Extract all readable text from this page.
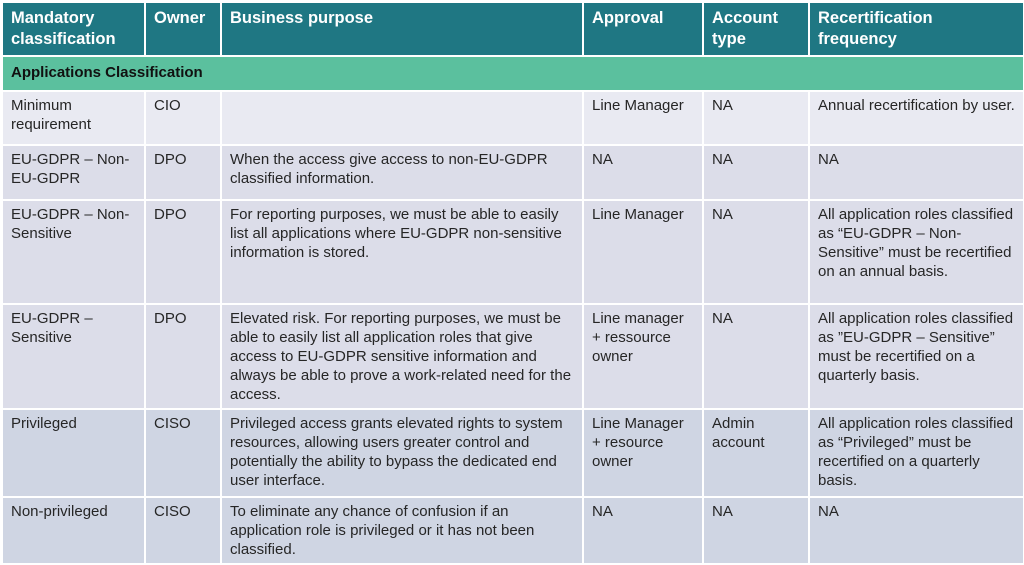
Mandatory classification	Owner	Business purpose	Approval	Account type	Recertification frequency
Applications Classification					
Minimum requirement	CIO		Line Manager	NA	Annual recertification by user.
EU-GDPR – Non-EU-GDPR	DPO	When the access give access to non-EU-GDPR classified information.	NA	NA	NA
EU-GDPR – Non-Sensitive	DPO	For reporting purposes, we must be able to easily list all applications where EU-GDPR non-sensitive information is stored.	Line Manager	NA	All application roles classified as “EU-GDPR – Non-Sensitive” must be recertified on an annual basis.
EU-GDPR – Sensitive	DPO	Elevated risk. For reporting purposes, we must be able to easily list all application roles that give access to EU-GDPR sensitive information and always be able to prove a work-related need for the access.	Line manager + ressource owner	NA	All application roles classified as ”EU-GDPR – Sensitive” must be recertified on a quarterly basis.
Privileged	CISO	Privileged access grants elevated rights to system resources, allowing users greater control and potentially the ability to bypass the dedicated end user interface.	Line Manager + resource owner	Admin account	All application roles classified as “Privileged” must be recertified on a quarterly basis.
Non-privileged	CISO	To eliminate any chance of confusion if an application role is privileged or it has not been classified.	NA	NA	NA
